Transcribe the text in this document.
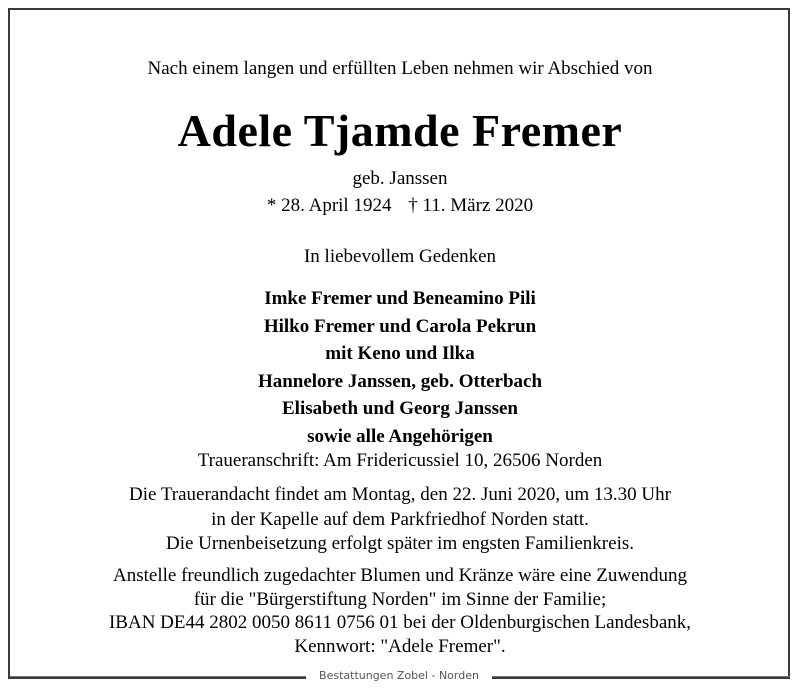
Nach einem langen und erfüllten Leben nehmen wir Abschied von
Adele Tjamde Fremer
geb. Janssen
* 28. April 1924 † 11. März 2020
In liebevollem Gedenken
Imke Fremer und Beneamino Pili
Hilko Fremer und Carola Pekrun
mit Keno und Ilka
Hannelore Janssen, geb. Otterbach
Elisabeth und Georg Janssen
sowie alle Angehörigen
Traueranschrift: Am Fridericussiel 10, 26506 Norden
Die Trauerandacht findet am Montag, den 22. Juni 2020, um 13.30 Uhr
in der Kapelle auf dem Parkfriedhof Norden statt.
Die Urnenbeisetzung erfolgt später im engsten Familienkreis.
Anstelle freundlich zugedachter Blumen und Kränze wäre eine Zuwendung
für die "Bürgerstiftung Norden" im Sinne der Familie;
IBAN DE44 2802 0050 8611 0756 01 bei der Oldenburgischen Landesbank,
Kennwort: "Adele Fremer".
Bestattungen Zobel - Norden
